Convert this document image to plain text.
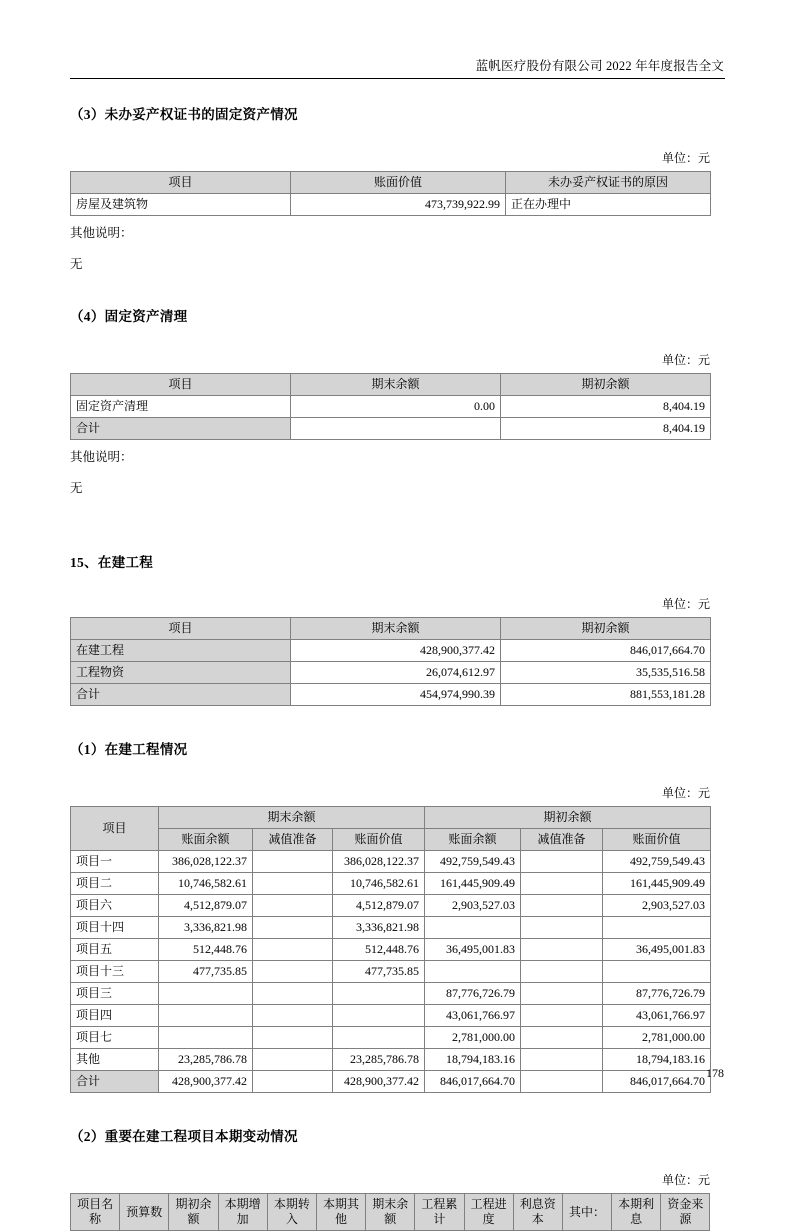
蓝帆医疗股份有限公司 2022 年年度报告全文
（3）未办妥产权证书的固定资产情况
单位：元
项目	账面价值	未办妥产权证书的原因
房屋及建筑物	473,739,922.99	正在办理中

其他说明：

无

（4）固定资产清理
单位：元
项目	期末余额	期初余额
固定资产清理	0.00	8,404.19
合计		8,404.19

其他说明：

无

15、在建工程
单位：元
项目	期末余额	期初余额
在建工程	428,900,377.42	846,017,664.70
工程物资	26,074,612.97	35,535,516.58
合计	454,974,990.39	881,553,181.28
（1）在建工程情况
单位：元
项目	期末余额			期初余额		
	账面余额	减值准备	账面价值	账面余额	减值准备	账面价值
项目一	386,028,122.37		386,028,122.37	492,759,549.43		492,759,549.43
项目二	10,746,582.61		10,746,582.61	161,445,909.49		161,445,909.49
项目六	4,512,879.07		4,512,879.07	2,903,527.03		2,903,527.03
项目十四	3,336,821.98		3,336,821.98			
项目五	512,448.76		512,448.76	36,495,001.83		36,495,001.83
项目十三	477,735.85		477,735.85			
项目三				87,776,726.79		87,776,726.79
项目四				43,061,766.97		43,061,766.97
项目七				2,781,000.00		2,781,000.00
其他	23,285,786.78		23,285,786.78	18,794,183.16		18,794,183.16
合计	428,900,377.42		428,900,377.42	846,017,664.70		846,017,664.70
（2）重要在建工程项目本期变动情况
单位：元
项目名称	预算数	期初余额	本期增加	本期转入	本期其他	期末余额	工程累计	工程进度	利息资本	其中：	本期利息	资金来源
178
